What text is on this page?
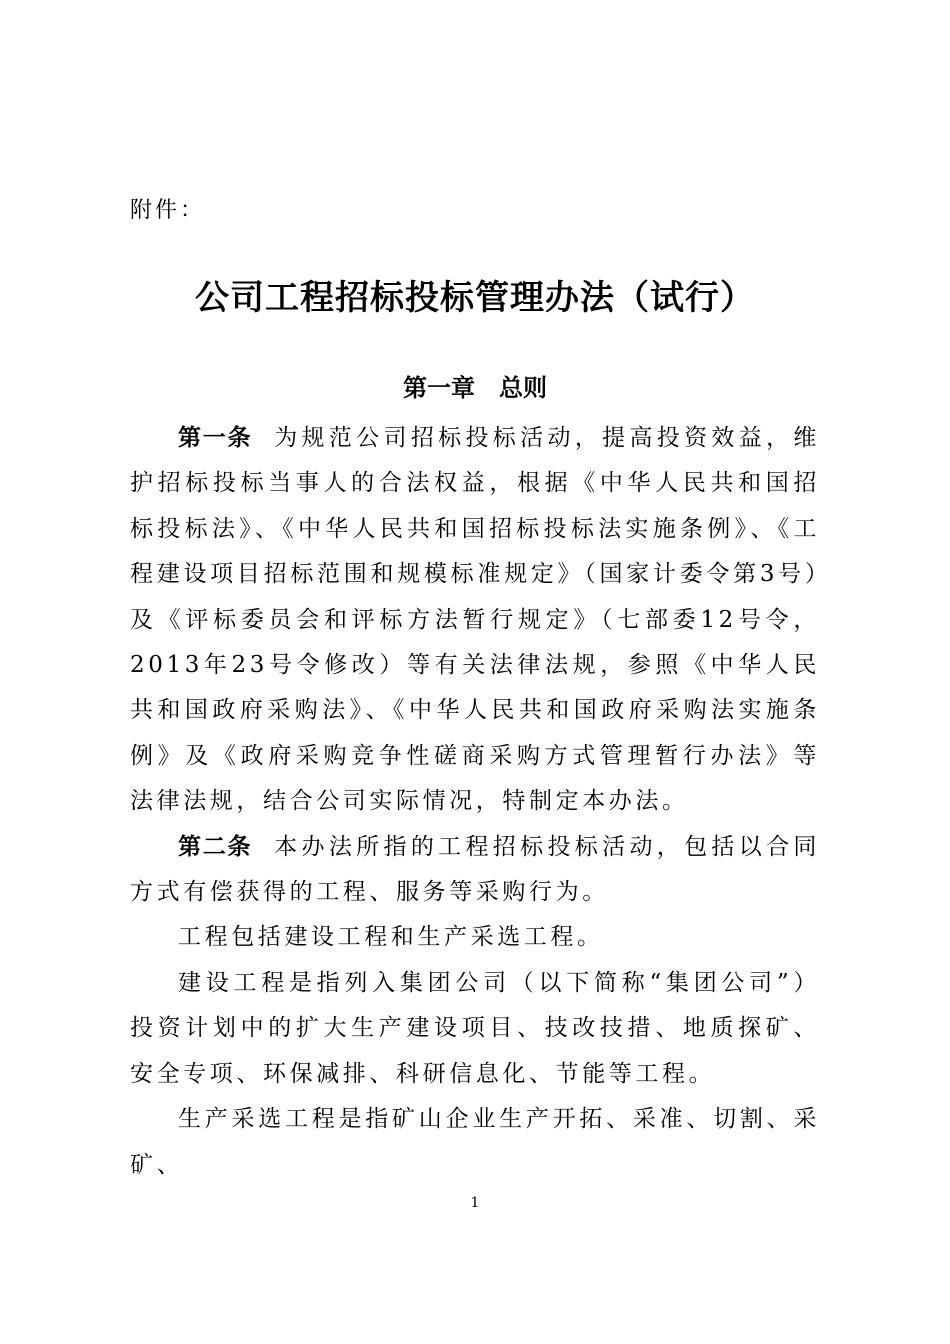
附件：
公司工程招标投标管理办法（试行）
第一章 总则

第一条 为规范公司招标投标活动，提高投资效益，维护招标投标当事人的合法权益，根据《中华人民共和国招标投标法》、《中华人民共和国招标投标法实施条例》、《工程建设项目招标范围和规模标准规定》（国家计委令第3号）及《评标委员会和评标方法暂行规定》（七部委12号令，2013年23号令修改）等有关法律法规，参照《中华人民共和国政府采购法》、《中华人民共和国政府采购法实施条例》及《政府采购竞争性磋商采购方式管理暂行办法》等法律法规，结合公司实际情况，特制定本办法。

第二条 本办法所指的工程招标投标活动，包括以合同方式有偿获得的工程、服务等采购行为。

工程包括建设工程和生产采选工程。

建设工程是指列入集团公司（以下简称“集团公司”）投资计划中的扩大生产建设项目、技改技措、地质探矿、安全专项、环保减排、科研信息化、节能等工程。

生产采选工程是指矿山企业生产开拓、采准、切割、采矿、

1
